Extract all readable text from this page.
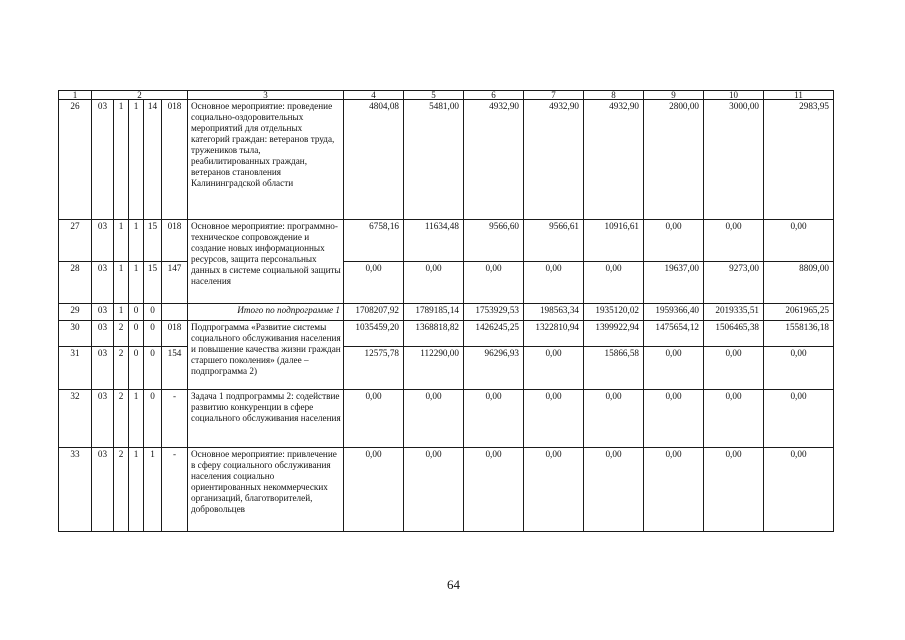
1	2					3	4	5	6	7	8	9	10	11
26	03	1	1	14	018	Основное мероприятие: проведение социально-оздоровительных мероприятий для отдельных категорий граждан: ветеранов труда, тружеников тыла, реабилитированных граждан, ветеранов становления Калининградской области	4804,08	5481,00	4932,90	4932,90	4932,90	2800,00	3000,00	2983,95
27	03	1	1	15	018	Основное мероприятие: программно-техническое сопровождение и создание новых информационных ресурсов, защита персональных данных в системе социальной защиты населения	6758,16	11634,48	9566,60	9566,61	10916,61	0,00	0,00	0,00
28	03	1	1	15	147		0,00	0,00	0,00	0,00	0,00	19637,00	9273,00	8809,00
29	03	1	0	0		Итого по подпрограмме 1	1708207,92	1789185,14	1753929,53	198563,34	1935120,02	1959366,40	2019335,51	2061965,25
30	03	2	0	0	018	Подпрограмма «Развитие системы социального обслуживания населения и повышение качества жизни граждан старшего поколения» (далее – подпрограмма 2)	1035459,20	1368818,82	1426245,25	1322810,94	1399922,94	1475654,12	1506465,38	1558136,18
31	03	2	0	0	154		12575,78	112290,00	96296,93	0,00	15866,58	0,00	0,00	0,00
32	03	2	1	0	-	Задача 1 подпрограммы 2: содействие развитию конкуренции в сфере социального обслуживания населения	0,00	0,00	0,00	0,00	0,00	0,00	0,00	0,00
33	03	2	1	1	-	Основное мероприятие: привлечение в сферу социального обслуживания населения социально ориентированных некоммерческих организаций, благотворителей, добровольцев	0,00	0,00	0,00	0,00	0,00	0,00	0,00	0,00
64
